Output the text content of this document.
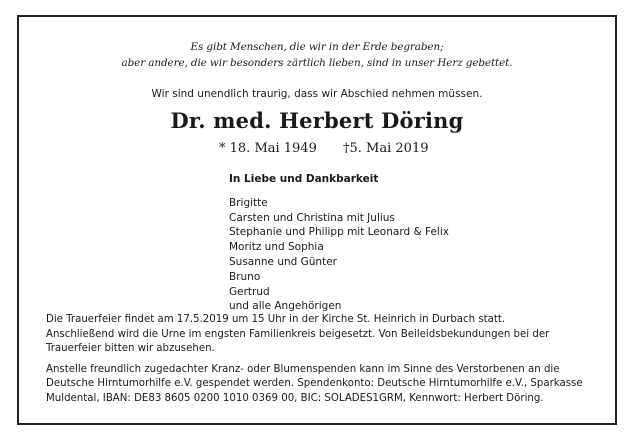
Es gibt Menschen, die wir in der Erde begraben;
aber andere, die wir besonders zärtlich lieben, sind in unser Herz gebettet.
Wir sind unendlich traurig, dass wir Abschied nehmen müssen.
Dr. med. Herbert Döring
* 18. Mai 1949 †5. Mai 2019
In Liebe und Dankbarkeit
Brigitte
Carsten und Christina mit Julius
Stephanie und Philipp mit Leonard & Felix
Moritz und Sophia
Susanne und Günter
Bruno
Gertrud
und alle Angehörigen

Die Trauerfeier findet am 17.5.2019 um 15 Uhr in der Kirche St. Heinrich in Durbach statt.
Anschließend wird die Urne im engsten Familienkreis beigesetzt. Von Beileidsbekundungen bei der
Trauerfeier bitten wir abzusehen.

Anstelle freundlich zugedachter Kranz- oder Blumenspenden kann im Sinne des Verstorbenen an die
Deutsche Hirntumorhilfe e.V. gespendet werden. Spendenkonto: Deutsche Hirntumorhilfe e.V., Sparkasse
Muldental, IBAN: DE83 8605 0200 1010 0369 00, BIC: SOLADES1GRM, Kennwort: Herbert Döring.
